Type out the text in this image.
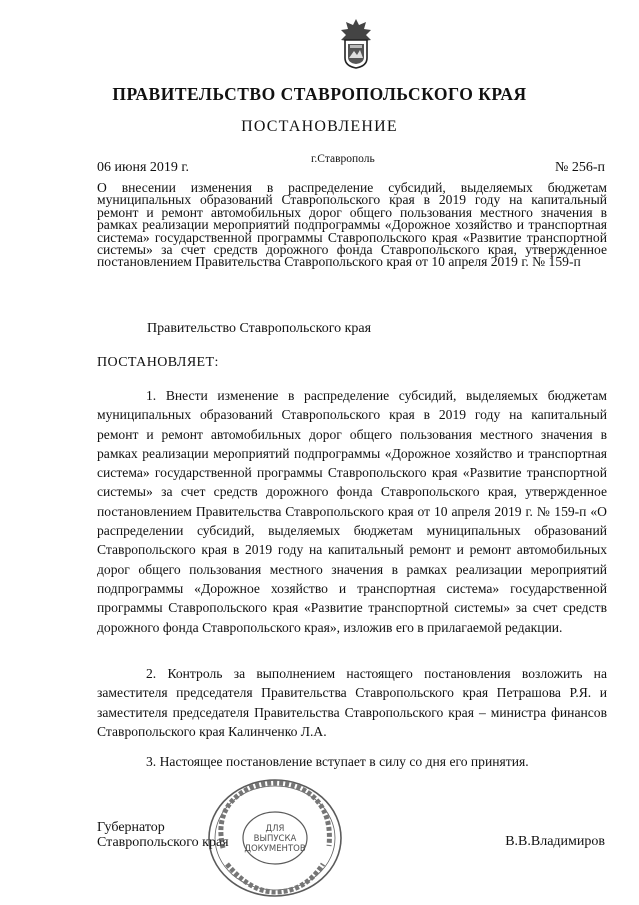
ПРАВИТЕЛЬСТВО СТАВРОПОЛЬСКОГО КРАЯ
ПОСТАНОВЛЕНИЕ
06 июня 2019 г.
г.Ставрополь
№ 256-п

О внесении изменения в распределение субсидий, выделяемых бюджетам муниципальных образований Ставропольского края в 2019 году на капитальный ремонт и ремонт автомобильных дорог общего пользования местного значения в рамках реализации мероприятий подпрограммы «Дорожное хозяйство и транспортная система» государственной программы Ставропольского края «Развитие транспортной системы» за счет средств дорожного фонда Ставропольского края, утвержденное постановлением Правительства Ставропольского края от 10 апреля 2019 г. № 159-п

Правительство Ставропольского края
ПОСТАНОВЛЯЕТ:

1. Внести изменение в распределение субсидий, выделяемых бюджетам муниципальных образований Ставропольского края в 2019 году на капитальный ремонт и ремонт автомобильных дорог общего пользования местного значения в рамках реализации мероприятий подпрограммы «Дорожное хозяйство и транспортная система» государственной программы Ставропольского края «Развитие транспортной системы» за счет средств дорожного фонда Ставропольского края, утвержденное постановлением Правительства Ставропольского края от 10 апреля 2019 г. № 159-п «О распределении субсидий, выделяемых бюджетам муниципальных образований Ставропольского края в 2019 году на капитальный ремонт и ремонт автомобильных дорог общего пользования местного значения в рамках реализации мероприятий подпрограммы «Дорожное хозяйство и транспортная система» государственной программы Ставропольского края «Развитие транспортной системы» за счет средств дорожного фонда Ставропольского края», изложив его в прилагаемой редакции.

2. Контроль за выполнением настоящего постановления возложить на заместителя председателя Правительства Ставропольского края Петрашова Р.Я. и заместителя председателя Правительства Ставропольского края – министра финансов Ставропольского края Калинченко Л.А.

3. Настоящее постановление вступает в силу со дня его принятия.

Губернатор
Ставропольского края	В.В.Владимиров
ДЛЯ
ВЫПУСКА
ДОКУМЕНТОВ
